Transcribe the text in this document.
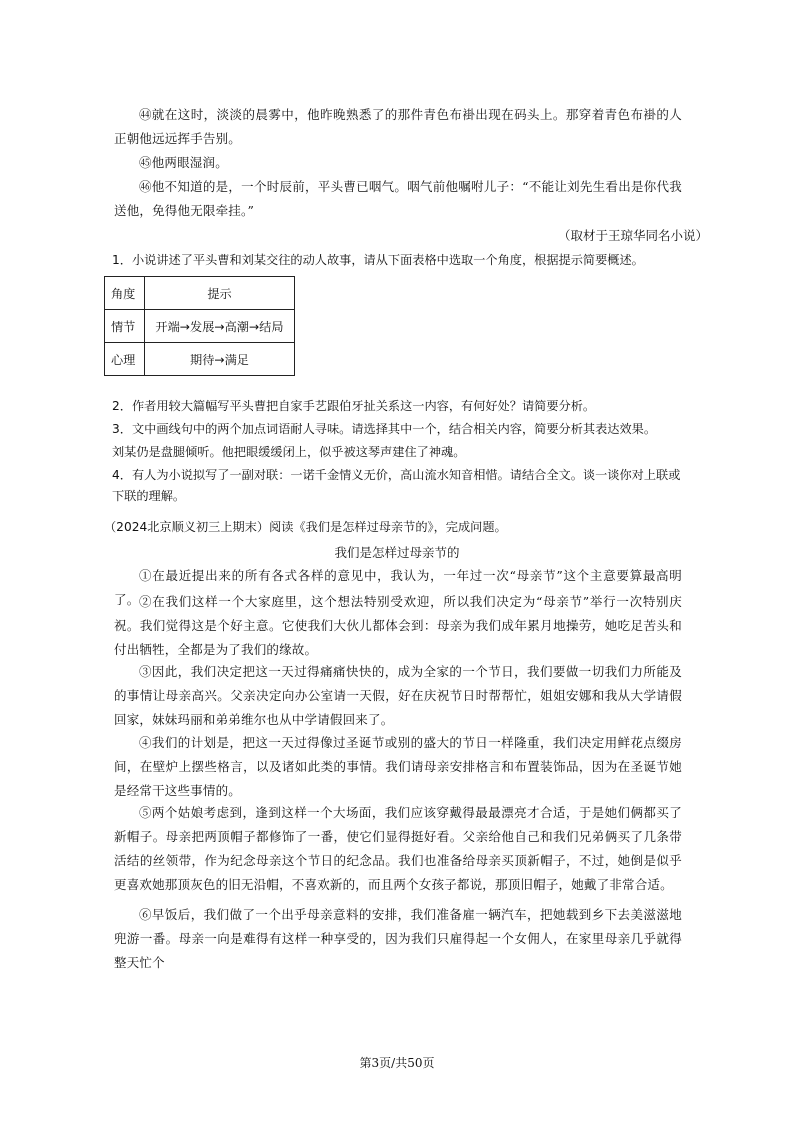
㊹就在这时，淡淡的晨雾中，他昨晚熟悉了的那件青色布褂出现在码头上。那穿着青色布褂的人正朝他远远挥手告别。

㊺他两眼湿润。

㊻他不知道的是，一个时辰前，平头曹已咽气。咽气前他嘱咐儿子：“不能让刘先生看出是你代我送他，免得他无限牵挂。”

（取材于王琼华同名小说）

1．小说讲述了平头曹和刘某交往的动人故事，请从下面表格中选取一个角度，根据提示简要概述。

角度	提示
情节	开端→发展→高潮→结局
心理	期待→满足

2．作者用较大篇幅写平头曹把自家手艺跟伯牙扯关系这一内容，有何好处？请简要分析。

3．文中画线句中的两个加点词语耐人寻味。请选择其中一个，结合相关内容，简要分析其表达效果。

刘某仍是盘腿倾听。他把眼缓缓闭上，似乎被这琴声建住了神魂。

4．有人为小说拟写了一副对联：一诺千金情义无价，高山流水知音相惜。请结合全文。谈一谈你对上联或下联的理解。

（2024北京顺义初三上期末）阅读《我们是怎样过母亲节的》，完成问题。

我们是怎样过母亲节的

①在最近提出来的所有各式各样的意见中，我认为，一年过一次“母亲节”这个主意要算最高明了。 ②在我们这样一个大家庭里，这个想法特别受欢迎，所以我们决定为“母亲节”举行一次特别庆祝。我们觉得这是个好主意。它使我们大伙儿都体会到：母亲为我们成年累月地操劳，她吃足苦头和付出牺牲，全都是为了我们的缘故。

③因此，我们决定把这一天过得痛痛快快的，成为全家的一个节日，我们要做一切我们力所能及的事情让母亲高兴。父亲决定向办公室请一天假，好在庆祝节日时帮帮忙，姐姐安娜和我从大学请假回家，妹妹玛丽和弟弟维尔也从中学请假回来了。

④我们的计划是，把这一天过得像过圣诞节或别的盛大的节日一样隆重，我们决定用鲜花点缀房间，在壁炉上摆些格言，以及诸如此类的事情。我们请母亲安排格言和布置装饰品，因为在圣诞节她是经常干这些事情的。

⑤两个姑娘考虑到，逢到这样一个大场面，我们应该穿戴得最最漂亮才合适，于是她们俩都买了新帽子。母亲把两顶帽子都修饰了一番，使它们显得挺好看。父亲给他自己和我们兄弟俩买了几条带活结的丝领带，作为纪念母亲这个节日的纪念品。我们也准备给母亲买顶新帽子，不过，她倒是似乎更喜欢她那顶灰色的旧无沿帽，不喜欢新的，而且两个女孩子都说，那顶旧帽子，她戴了非常合适。

⑥早饭后，我们做了一个出乎母亲意料的安排，我们准备雇一辆汽车，把她载到乡下去美滋滋地兜游一番。母亲一向是难得有这样一种享受的，因为我们只雇得起一个女佣人，在家里母亲几乎就得整天忙个

第3页/共50页
